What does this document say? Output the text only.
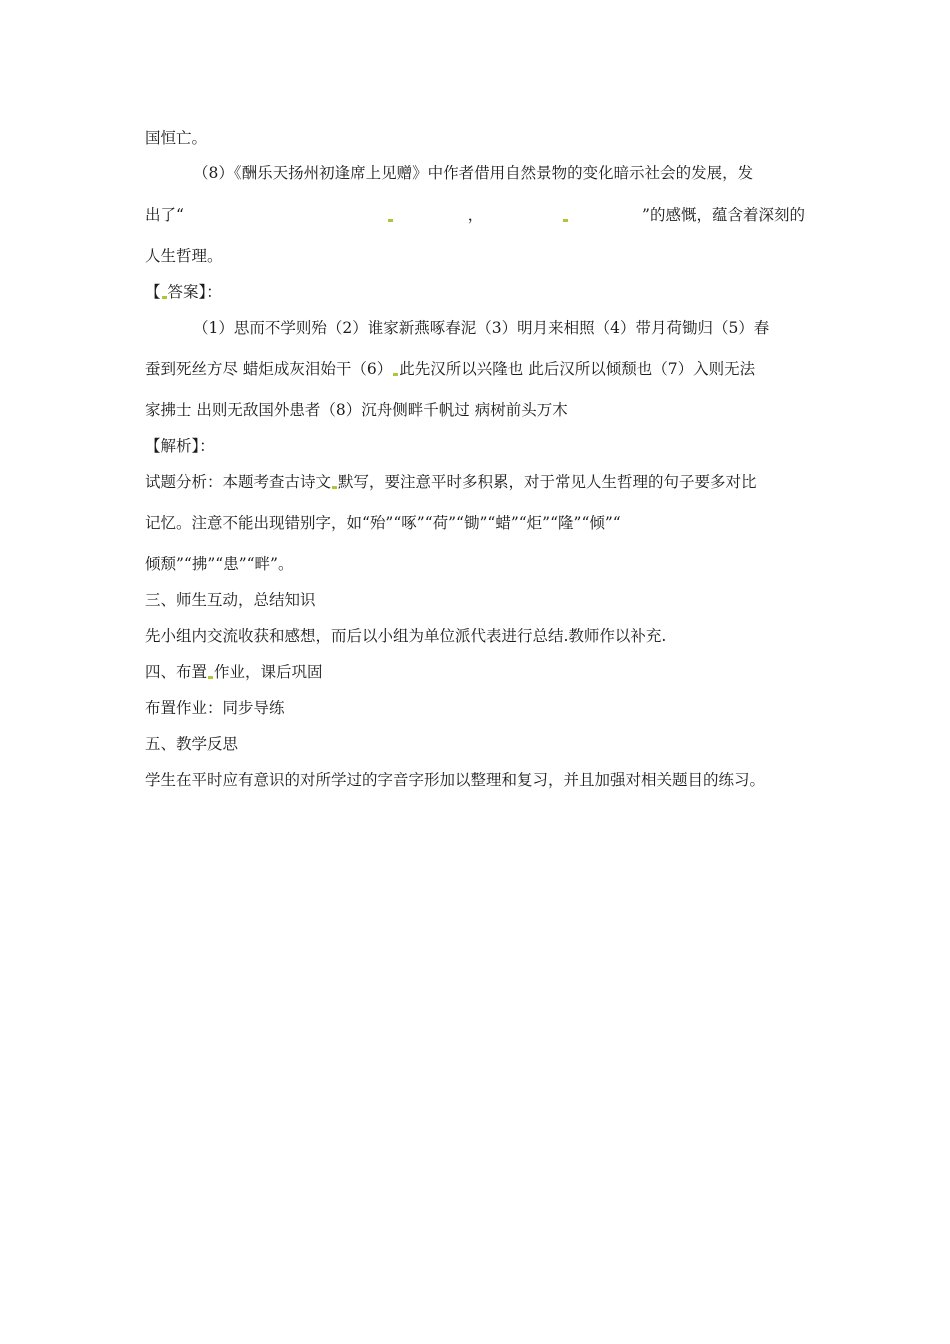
国恒亡。
（8）《酬乐天扬州初逢席上见赠》中作者借用自然景物的变化暗示社会的发展，发
出了“	，	”的感慨，蕴含着深刻的
人生哲理。
【 答案】：
（1）思而不学则殆（2）谁家新燕啄春泥（3）明月来相照（4）带月荷锄归（5）春
蚕到死丝方尽 蜡炬成灰泪始干（6） 此先汉所以兴隆也 此后汉所以倾颓也（7）入则无法
家拂士 出则无敌国外患者（8）沉舟侧畔千帆过 病树前头万木
【解析】：
试题分析：本题考查古诗文 默写，要注意平时多积累，对于常见人生哲理的句子要多对比
记忆。注意不能出现错别字，如“殆”“啄”“荷”“锄”“蜡”“炬”“隆”“倾”“
倾颓”“拂”“患”“畔”。
三、师生互动，总结知识
先小组内交流收获和感想，而后以小组为单位派代表进行总结.教师作以补充.
四、布置 作业，课后巩固
布置作业：同步导练
五、教学反思
学生在平时应有意识的对所学过的字音字形加以整理和复习，并且加强对相关题目的练习。
